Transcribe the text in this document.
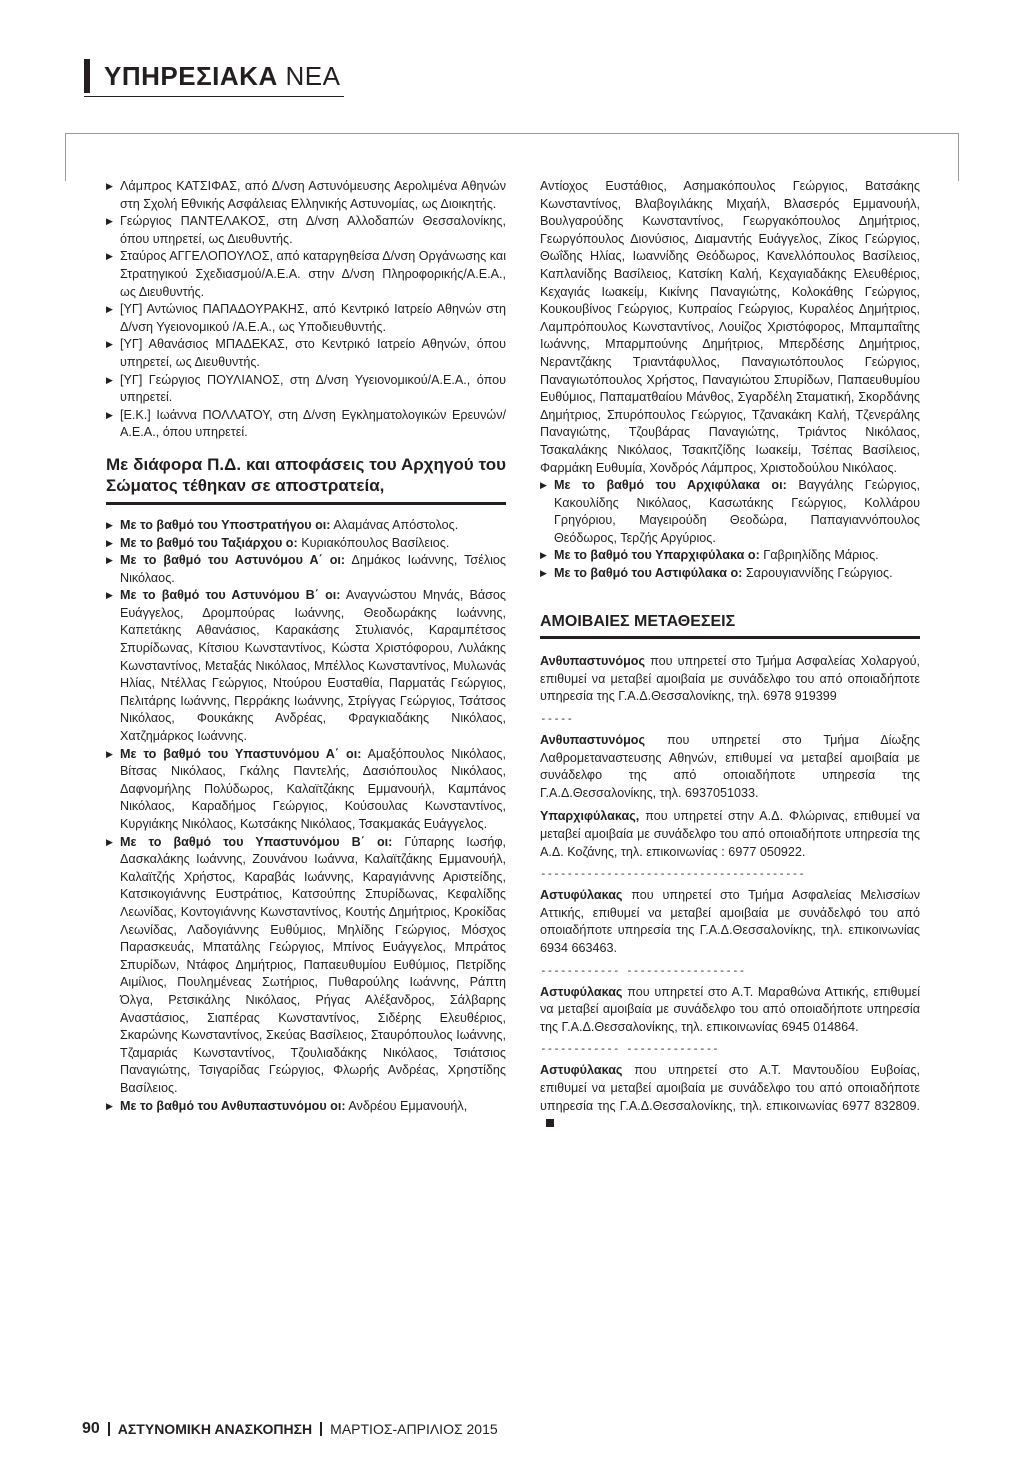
ΥΠΗΡΕΣΙΑΚΑ ΝΕΑ

▶ Λάμπρος ΚΑΤΣΙΦΑΣ, από Δ/νση Αστυνόμευσης Αερολιμένα Αθηνών στη Σχολή Εθνικής Ασφάλειας Ελληνικής Αστυνομίας, ως Διοικητής.

▶ Γεώργιος ΠΑΝΤΕΛΑΚΟΣ, στη Δ/νση Αλλοδαπών Θεσσαλονίκης, όπου υπηρετεί, ως Διευθυντής.

▶ Σταύρος ΑΓΓΕΛΟΠΟΥΛΟΣ, από καταργηθείσα Δ/νση Οργάνωσης και Στρατηγικού Σχεδιασμού/Α.Ε.Α. στην Δ/νση Πληροφορικής/Α.Ε.Α., ως Διευθυντής.

▶ [ΥΓ] Αντώνιος ΠΑΠΑΔΟΥΡΑΚΗΣ, από Κεντρικό Ιατρείο Αθηνών στη Δ/νση Υγειονομικού /Α.Ε.Α., ως Υποδιευθυντής.

▶ [ΥΓ] Αθανάσιος ΜΠΑΔΕΚΑΣ, στο Κεντρικό Ιατρείο Αθηνών, όπου υπηρετεί, ως Διευθυντής.

▶ [ΥΓ] Γεώργιος ΠΟΥΛΙΑΝΟΣ, στη Δ/νση Υγειονομικού/Α.Ε.Α., όπου υπηρετεί.

▶ [Ε.Κ.] Ιωάννα ΠΟΛΛΑΤΟΥ, στη Δ/νση Εγκληματολογικών Ερευνών/Α.Ε.Α., όπου υπηρετεί.

Με διάφορα Π.Δ. και αποφάσεις του Αρχηγού του Σώματος τέθηκαν σε αποστρατεία,

▶ Με το βαθμό του Υποστρατήγου οι: Αλαμάνας Απόστολος.

▶ Με το βαθμό του Ταξιάρχου ο: Κυριακόπουλος Βασίλειος.

▶ Με το βαθμό του Αστυνόμου Α΄ οι: Δημάκος Ιωάννης, Τσέλιος Νικόλαος.

▶ Με το βαθμό του Αστυνόμου Β΄ οι: Αναγνώστου Μηνάς, Βάσος Ευάγγελος, Δρομπούρας Ιωάννης, Θεοδωράκης Ιωάννης, Καπετάκης Αθανάσιος, Καρακάσης Στυλιανός, Καραμπέτσος Σπυρίδωνας, Κίτσιου Κωνσταντίνος, Κώστα Χριστόφορου, Λυλάκης Κωνσταντίνος, Μεταξάς Νικόλαος, Μπέλλος Κωνσταντίνος, Μυλωνάς Ηλίας, Ντέλλας Γεώργιος, Ντούρου Ευσταθία, Παρματάς Γεώργιος, Πελιτάρης Ιωάννης, Περράκης Ιωάννης, Στρίγγας Γεώργιος, Τσάτσος Νικόλαος, Φουκάκης Ανδρέας, Φραγκιαδάκης Νικόλαος, Χατζημάρκος Ιωάννης.

▶ Με το βαθμό του Υπαστυνόμου Α΄ οι: Αμαξόπουλος Νικόλαος, Βίτσας Νικόλαος, Γκάλης Παντελής, Δασιόπουλος Νικόλαος, Δαφνομήλης Πολύδωρος, Καλαϊτζάκης Εμμανουήλ, Καμπάνος Νικόλαος, Καραδήμος Γεώργιος, Κούσουλας Κωνσταντίνος, Κυργιάκης Νικόλαος, Κωτσάκης Νικόλαος, Τσακμακάς Ευάγγελος.

▶ Με το βαθμό του Υπαστυνόμου Β΄ οι: Γύπαρης Ιωσήφ, Δασκαλάκης Ιωάννης, Ζουνάνου Ιωάννα, Καλαϊτζάκης Εμμανουήλ, Καλαϊτζής Χρήστος, Καραβάς Ιωάννης, Καραγιάννης Αριστείδης, Κατσικογιάννης Ευστράτιος, Κατσούπης Σπυρίδωνας, Κεφαλίδης Λεωνίδας, Κοντογιάννης Κωνσταντίνος, Κουτής Δημήτριος, Κροκίδας Λεωνίδας, Λαδογιάννης Ευθύμιος, Μηλίδης Γεώργιος, Μόσχος Παρασκευάς, Μπατάλης Γεώργιος, Μπίνος Ευάγγελος, Μπράτος Σπυρίδων, Ντάφος Δημήτριος, Παπαευθυμίου Ευθύμιος, Πετρίδης Αιμίλιος, Πουλημένεας Σωτήριος, Πυθαρούλης Ιωάννης, Ράπτη Όλγα, Ρετσικάλης Νικόλαος, Ρήγας Αλέξανδρος, Σάλβαρης Αναστάσιος, Σιαπέρας Κωνσταντίνος, Σιδέρης Ελευθέριος, Σκαρώνης Κωνσταντίνος, Σκεύας Βασίλειος, Σταυρόπουλος Ιωάννης, Τζαμαριάς Κωνσταντίνος, Τζουλιαδάκης Νικόλαος, Τσιάτσιος Παναγιώτης, Τσιγαρίδας Γεώργιος, Φλωρής Ανδρέας, Χρηστίδης Βασίλειος.

▶ Με το βαθμό του Ανθυπαστυνόμου οι: Ανδρέου Εμμανουήλ,

Αντίοχος Ευστάθιος, Ασημακόπουλος Γεώργιος, Βατσάκης Κωνσταντίνος, Βλαβογιλάκης Μιχαήλ, Βλασερός Εμμανουήλ, Βουλγαρούδης Κωνσταντίνος, Γεωργακόπουλος Δημήτριος, Γεωργόπουλος Διονύσιος, Διαμαντής Ευάγγελος, Ζίκος Γεώργιος, Θωΐδης Ηλίας, Ιωαννίδης Θεόδωρος, Κανελλόπουλος Βασίλειος, Καπλανίδης Βασίλειος, Κατσίκη Καλή, Κεχαγιαδάκης Ελευθέριος, Κεχαγιάς Ιωακείμ, Κικίνης Παναγιώτης, Κολοκάθης Γεώργιος, Κουκουβίνος Γεώργιος, Κυπραίος Γεώργιος, Κυραλέος Δημήτριος, Λαμπρόπουλος Κωνσταντίνος, Λουίζος Χριστόφορος, Μπαμπαΐτης Ιωάννης, Μπαρμπούνης Δημήτριος, Μπερδέσης Δημήτριος, Νεραντζάκης Τριαντάφυλλος, Παναγιωτόπουλος Γεώργιος, Παναγιωτόπουλος Χρήστος, Παναγιώτου Σπυρίδων, Παπαευθυμίου Ευθύμιος, Παπαματθαίου Μάνθος, Σγαρδέλη Σταματική, Σκορδάνης Δημήτριος, Σπυρόπουλος Γεώργιος, Τζανακάκη Καλή, Τζενεράλης Παναγιώτης, Τζουβάρας Παναγιώτης, Τριάντος Νικόλαος, Τσακαλάκης Νικόλαος, Τσακιτζίδης Ιωακείμ, Τσέπας Βασίλειος, Φαρμάκη Ευθυμία, Χονδρός Λάμπρος, Χριστοδούλου Νικόλαος.

▶ Με το βαθμό του Αρχιφύλακα οι: Βαγγάλης Γεώργιος, Κακουλίδης Νικόλαος, Κασωτάκης Γεώργιος, Κολλάρου Γρηγόριου, Μαγειρούδη Θεοδώρα, Παπαγιαννόπουλος Θεόδωρος, Τερζής Αργύριος.

▶ Με το βαθμό του Υπαρχιφύλακα ο: Γαβριηλίδης Μάριος.

▶ Με το βαθμό του Αστιφύλακα ο: Σαρουγιαννίδης Γεώργιος.

ΑΜΟΙΒΑΙΕΣ ΜΕΤΑΘΕΣΕΙΣ

Ανθυπαστυνόμος που υπηρετεί στο Τμήμα Ασφαλείας Χολαργού, επιθυμεί να μεταβεί αμοιβαία με συνάδελφο του από οποιαδήποτε υπηρεσία της Γ.Α.Δ.Θεσσαλονίκης, τηλ. 6978 919399

-----

Ανθυπαστυνόμος που υπηρετεί στο Τμήμα Δίωξης Λαθρομεταναστευσης Αθηνών, επιθυμεί να μεταβεί αμοιβαία με συνάδελφο της από οποιαδήποτε υπηρεσία της Γ.Α.Δ.Θεσσαλονίκης, τηλ. 6937051033.

Υπαρχιφύλακας, που υπηρετεί στην Α.Δ. Φλώρινας, επιθυμεί να μεταβεί αμοιβαία με συνάδελφο του από οποιαδήποτε υπηρεσία της Α.Δ. Κοζάνης, τηλ. επικοινωνίας : 6977 050922.

----------------------------------------

Αστυφύλακας που υπηρετεί στο Τμήμα Ασφαλείας Μελισσίων Αττικής, επιθυμεί να μεταβεί αμοιβαία με συνάδελφό του από οποιαδήποτε υπηρεσία της Γ.Α.Δ.Θεσσαλονίκης, τηλ. επικοινωνίας 6934 663463.

------------ ------------------

Αστυφύλακας που υπηρετεί στο Α.Τ. Μαραθώνα Αττικής, επιθυμεί να μεταβεί αμοιβαία με συνάδελφο του από οποιαδήποτε υπηρεσία της Γ.Α.Δ.Θεσσαλονίκης, τηλ. επικοινωνίας 6945 014864.

------------ --------------

Αστυφύλακας που υπηρετεί στο Α.Τ. Μαντουδίου Ευβοίας, επιθυμεί να μεταβεί αμοιβαία με συνάδελφο του από οποιαδήποτε υπηρεσία της Γ.Α.Δ.Θεσσαλονίκης, τηλ. επικοινωνίας 6977 832809.

90 ΑΣΤΥΝΟΜΙΚΗ ΑΝΑΣΚΟΠΗΣΗ ΜΑΡΤΙΟΣ-ΑΠΡΙΛΙΟΣ 2015
